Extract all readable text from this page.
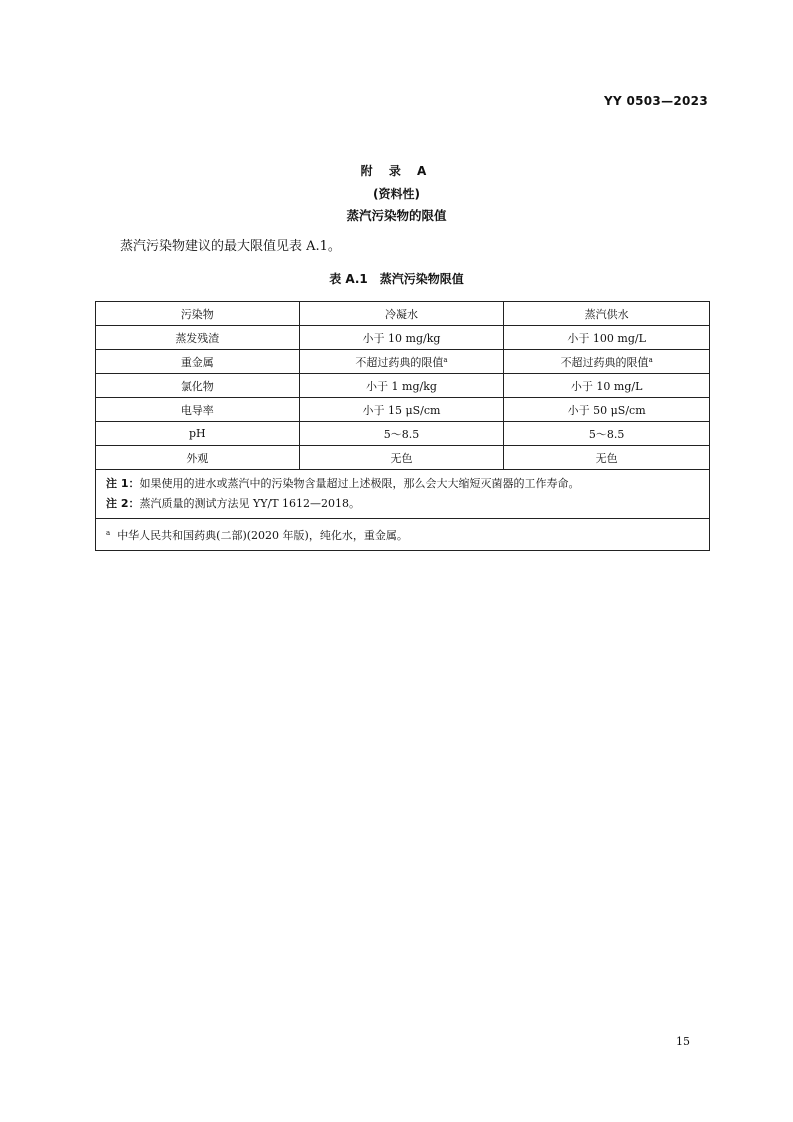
YY 0503—2023
附 录 A
(资料性)
蒸汽污染物的限值
蒸汽污染物建议的最大限值见表 A.1。
表 A.1　蒸汽污染物限值
污染物	冷凝水	蒸汽供水
蒸发残渣	小于 10 mg/kg	小于 100 mg/L
重金属	不超过药典的限值$^a$	不超过药典的限值$^a$
氯化物	小于 1 mg/kg	小于 10 mg/L
电导率	小于 15 μS/cm	小于 50 μS/cm
pH	5～8.5	5～8.5
外观	无色	无色

注 1：如果使用的进水或蒸汽中的污染物含量超过上述极限，那么会大大缩短灭菌器的工作寿命。
注 2：蒸汽质量的测试方法见 YY/T 1612—2018。		

$^a$ 中华人民共和国药典(二部)(2020 年版)，纯化水，重金属。		
15
